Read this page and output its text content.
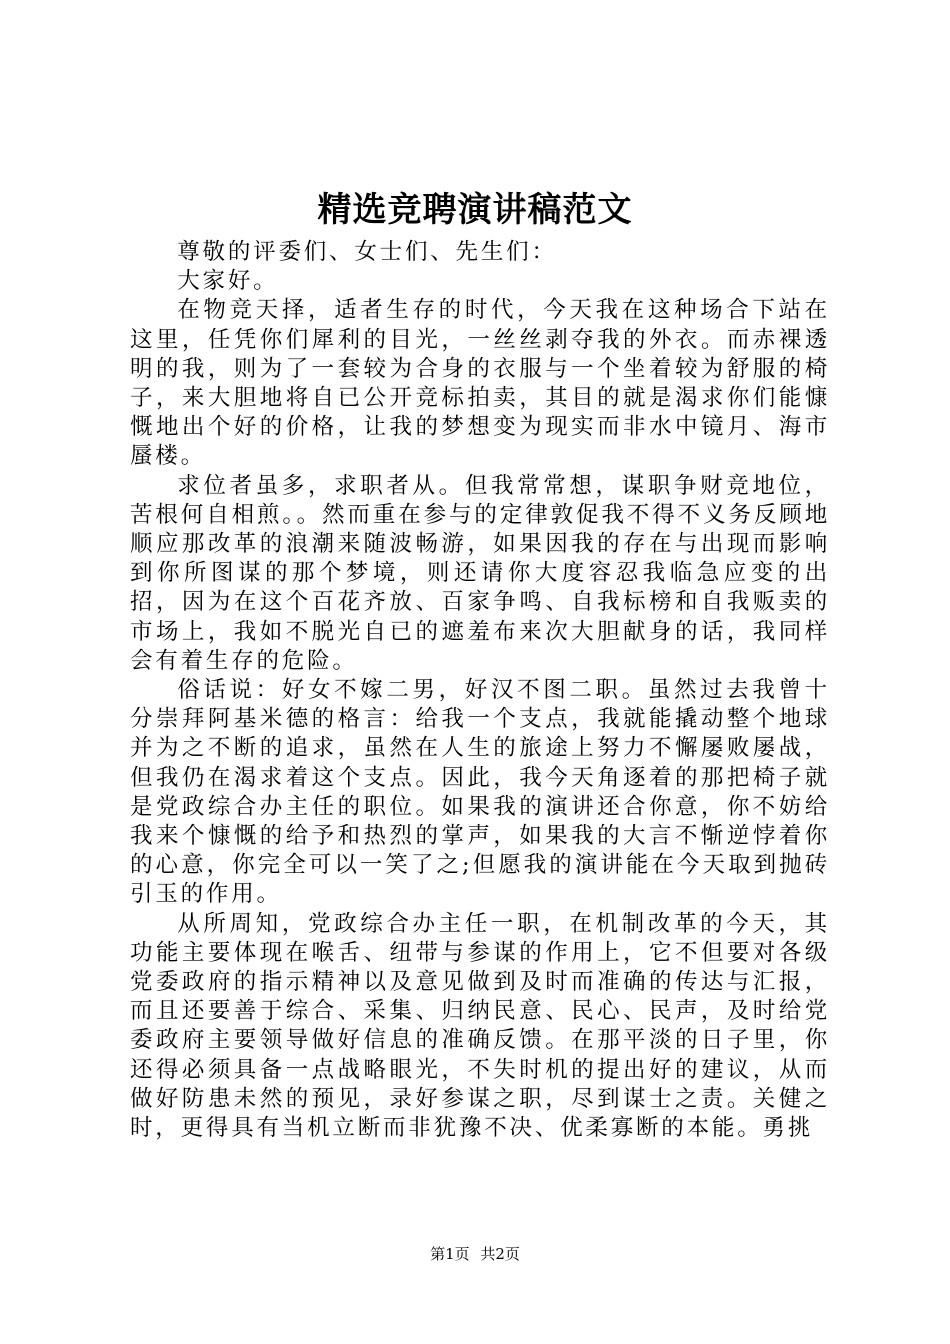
精选竞聘演讲稿范文

尊敬的评委们、女士们、先生们：

大家好。

在物竞天择，适者生存的时代，今天我在这种场合下站在这里，任凭你们犀利的目光，一丝丝剥夺我的外衣。而赤裸透明的我，则为了一套较为合身的衣服与一个坐着较为舒服的椅子，来大胆地将自已公开竞标拍卖，其目的就是渴求你们能慷慨地出个好的价格，让我的梦想变为现实而非水中镜月、海市蜃楼。

求位者虽多，求职者从。但我常常想，谋职争财竞地位，苦根何自相煎。。然而重在参与的定律敦促我不得不义务反顾地顺应那改革的浪潮来随波畅游，如果因我的存在与出现而影响到你所图谋的那个梦境，则还请你大度容忍我临急应变的出招，因为在这个百花齐放、百家争鸣、自我标榜和自我贩卖的市场上，我如不脱光自已的遮羞布来次大胆献身的话，我同样会有着生存的危险。

俗话说：好女不嫁二男，好汉不图二职。虽然过去我曾十分崇拜阿基米德的格言：给我一个支点，我就能撬动整个地球并为之不断的追求，虽然在人生的旅途上努力不懈屡败屡战，但我仍在渴求着这个支点。因此，我今天角逐着的那把椅子就是党政综合办主任的职位。如果我的演讲还合你意，你不妨给我来个慷慨的给予和热烈的掌声，如果我的大言不惭逆悖着你的心意，你完全可以一笑了之;但愿我的演讲能在今天取到抛砖引玉的作用。

从所周知，党政综合办主任一职，在机制改革的今天，其功能主要体现在喉舌、纽带与参谋的作用上，它不但要对各级党委政府的指示精神以及意见做到及时而准确的传达与汇报，而且还要善于综合、采集、归纳民意、民心、民声，及时给党委政府主要领导做好信息的准确反馈。在那平淡的日子里，你还得必须具备一点战略眼光，不失时机的提出好的建议，从而做好防患未然的预见，录好参谋之职，尽到谋士之责。关健之时，更得具有当机立断而非犹豫不决、优柔寡断的本能。勇挑

第1页 共2页
